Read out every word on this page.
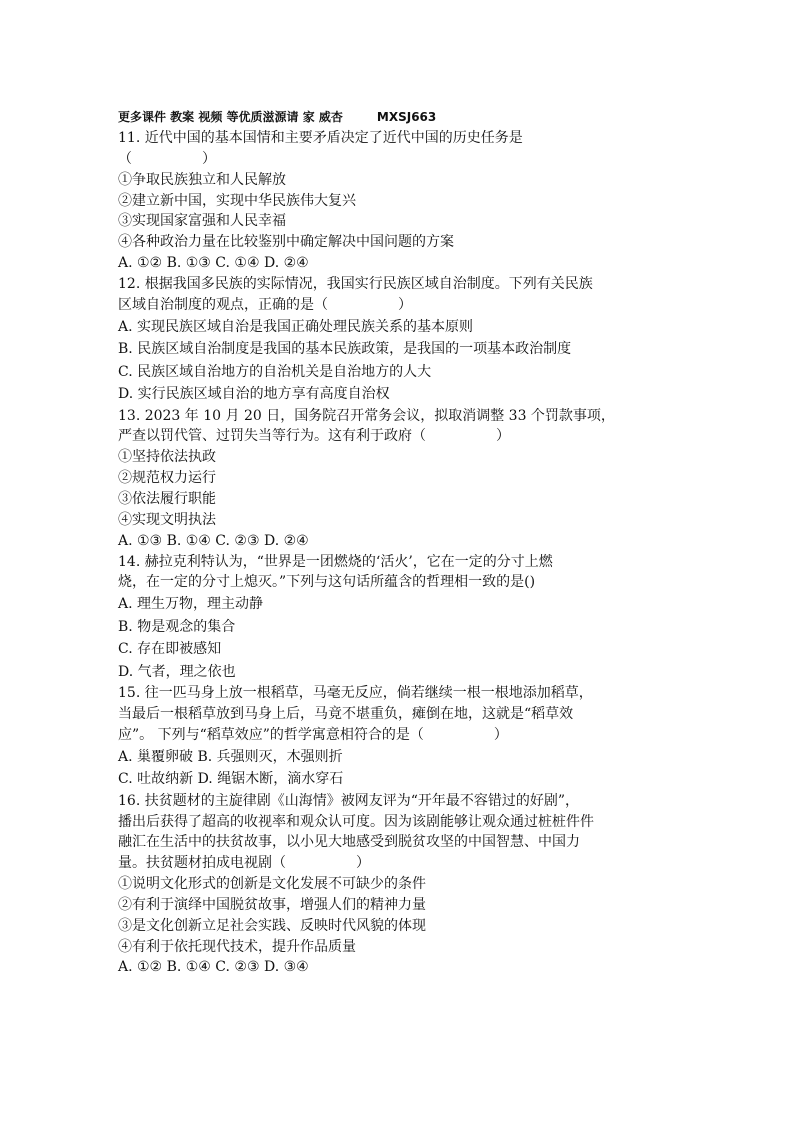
更多课件 教案 视频 等优质滋源请 家 威杏	MXSJ663
11. 近代中国的基本国情和主要矛盾决定了近代中国的历史任务是
（　　　　　）
①争取民族独立和人民解放
②建立新中国，实现中华民族伟大复兴
③实现国家富强和人民幸福
④各种政治力量在比较鉴别中确定解决中国问题的方案
A. ①② B. ①③ C. ①④ D. ②④
12. 根据我国多民族的实际情况，我国实行民族区域自治制度。下列有关民族
区域自治制度的观点，正确的是（　　　　　）
A. 实现民族区域自治是我国正确处理民族关系的基本原则
B. 民族区域自治制度是我国的基本民族政策，是我国的一项基本政治制度
C. 民族区域自治地方的自治机关是自治地方的人大
D. 实行民族区域自治的地方享有高度自治权
13. 2023 年 10 月 20 日，国务院召开常务会议，拟取消调整 33 个罚款事项，
严查以罚代管、过罚失当等行为。这有利于政府（　　　　　）
①坚持依法执政
②规范权力运行
③依法履行职能
④实现文明执法
A. ①③ B. ①④ C. ②③ D. ②④
14. 赫拉克利特认为，“世界是一团燃烧的‘活火’，它在一定的分寸上燃
烧，在一定的分寸上熄灭。”下列与这句话所蕴含的哲理相一致的是()
A. 理生万物，理主动静
B. 物是观念的集合
C. 存在即被感知
D. 气者，理之依也
15. 往一匹马身上放一根稻草，马毫无反应，倘若继续一根一根地添加稻草，
当最后一根稻草放到马身上后，马竟不堪重负，瘫倒在地，这就是“稻草效
应”。 下列与“稻草效应”的哲学寓意相符合的是（　　　　　）
A. 巢覆卵破 B. 兵强则灭，木强则折
C. 吐故纳新 D. 绳锯木断，滴水穿石
16. 扶贫题材的主旋律剧《山海情》被网友评为“开年最不容错过的好剧”，
播出后获得了超高的收视率和观众认可度。因为该剧能够让观众通过桩桩件件
融汇在生活中的扶贫故事，以小见大地感受到脱贫攻坚的中国智慧、中国力
量。扶贫题材拍成电视剧（　　　　　）
①说明文化形式的创新是文化发展不可缺少的条件
②有利于演绎中国脱贫故事，增强人们的精神力量
③是文化创新立足社会实践、反映时代风貌的体现
④有利于依托现代技术，提升作品质量
A. ①② B. ①④ C. ②③ D. ③④
